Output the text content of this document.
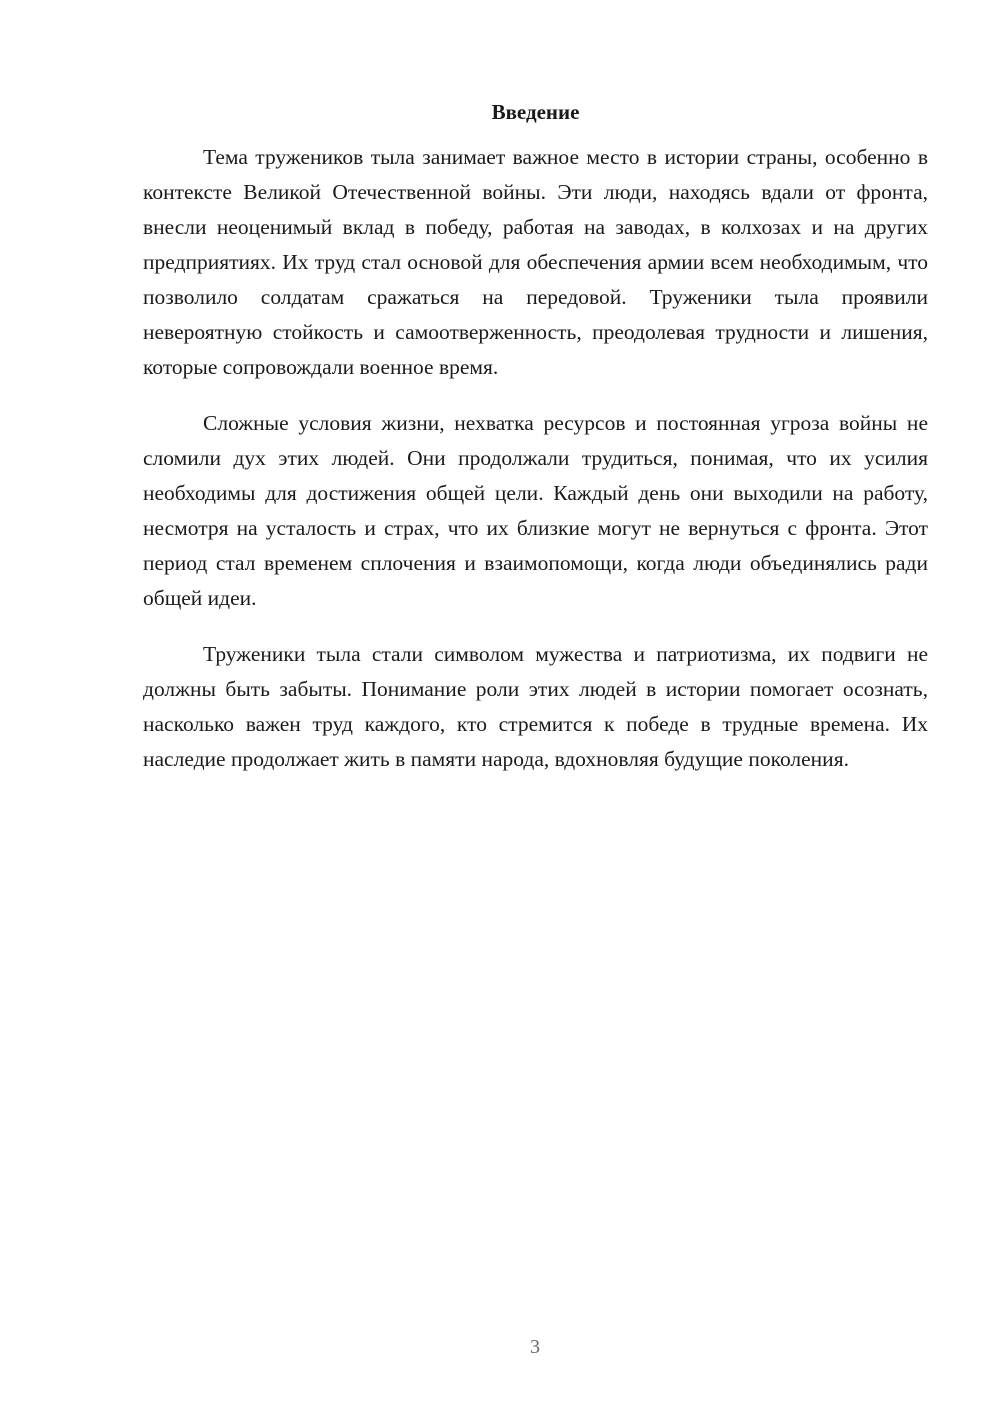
Введение

Тема тружеников тыла занимает важное место в истории страны, особенно в контексте Великой Отечественной войны. Эти люди, находясь вдали от фронта, внесли неоценимый вклад в победу, работая на заводах, в колхозах и на других предприятиях. Их труд стал основой для обеспечения армии всем необходимым, что позволило солдатам сражаться на передовой. Труженики тыла проявили невероятную стойкость и самоотверженность, преодолевая трудности и лишения, которые сопровождали военное время.

Сложные условия жизни, нехватка ресурсов и постоянная угроза войны не сломили дух этих людей. Они продолжали трудиться, понимая, что их усилия необходимы для достижения общей цели. Каждый день они выходили на работу, несмотря на усталость и страх, что их близкие могут не вернуться с фронта. Этот период стал временем сплочения и взаимопомощи, когда люди объединялись ради общей идеи.

Труженики тыла стали символом мужества и патриотизма, их подвиги не должны быть забыты. Понимание роли этих людей в истории помогает осознать, насколько важен труд каждого, кто стремится к победе в трудные времена. Их наследие продолжает жить в памяти народа, вдохновляя будущие поколения.

3
